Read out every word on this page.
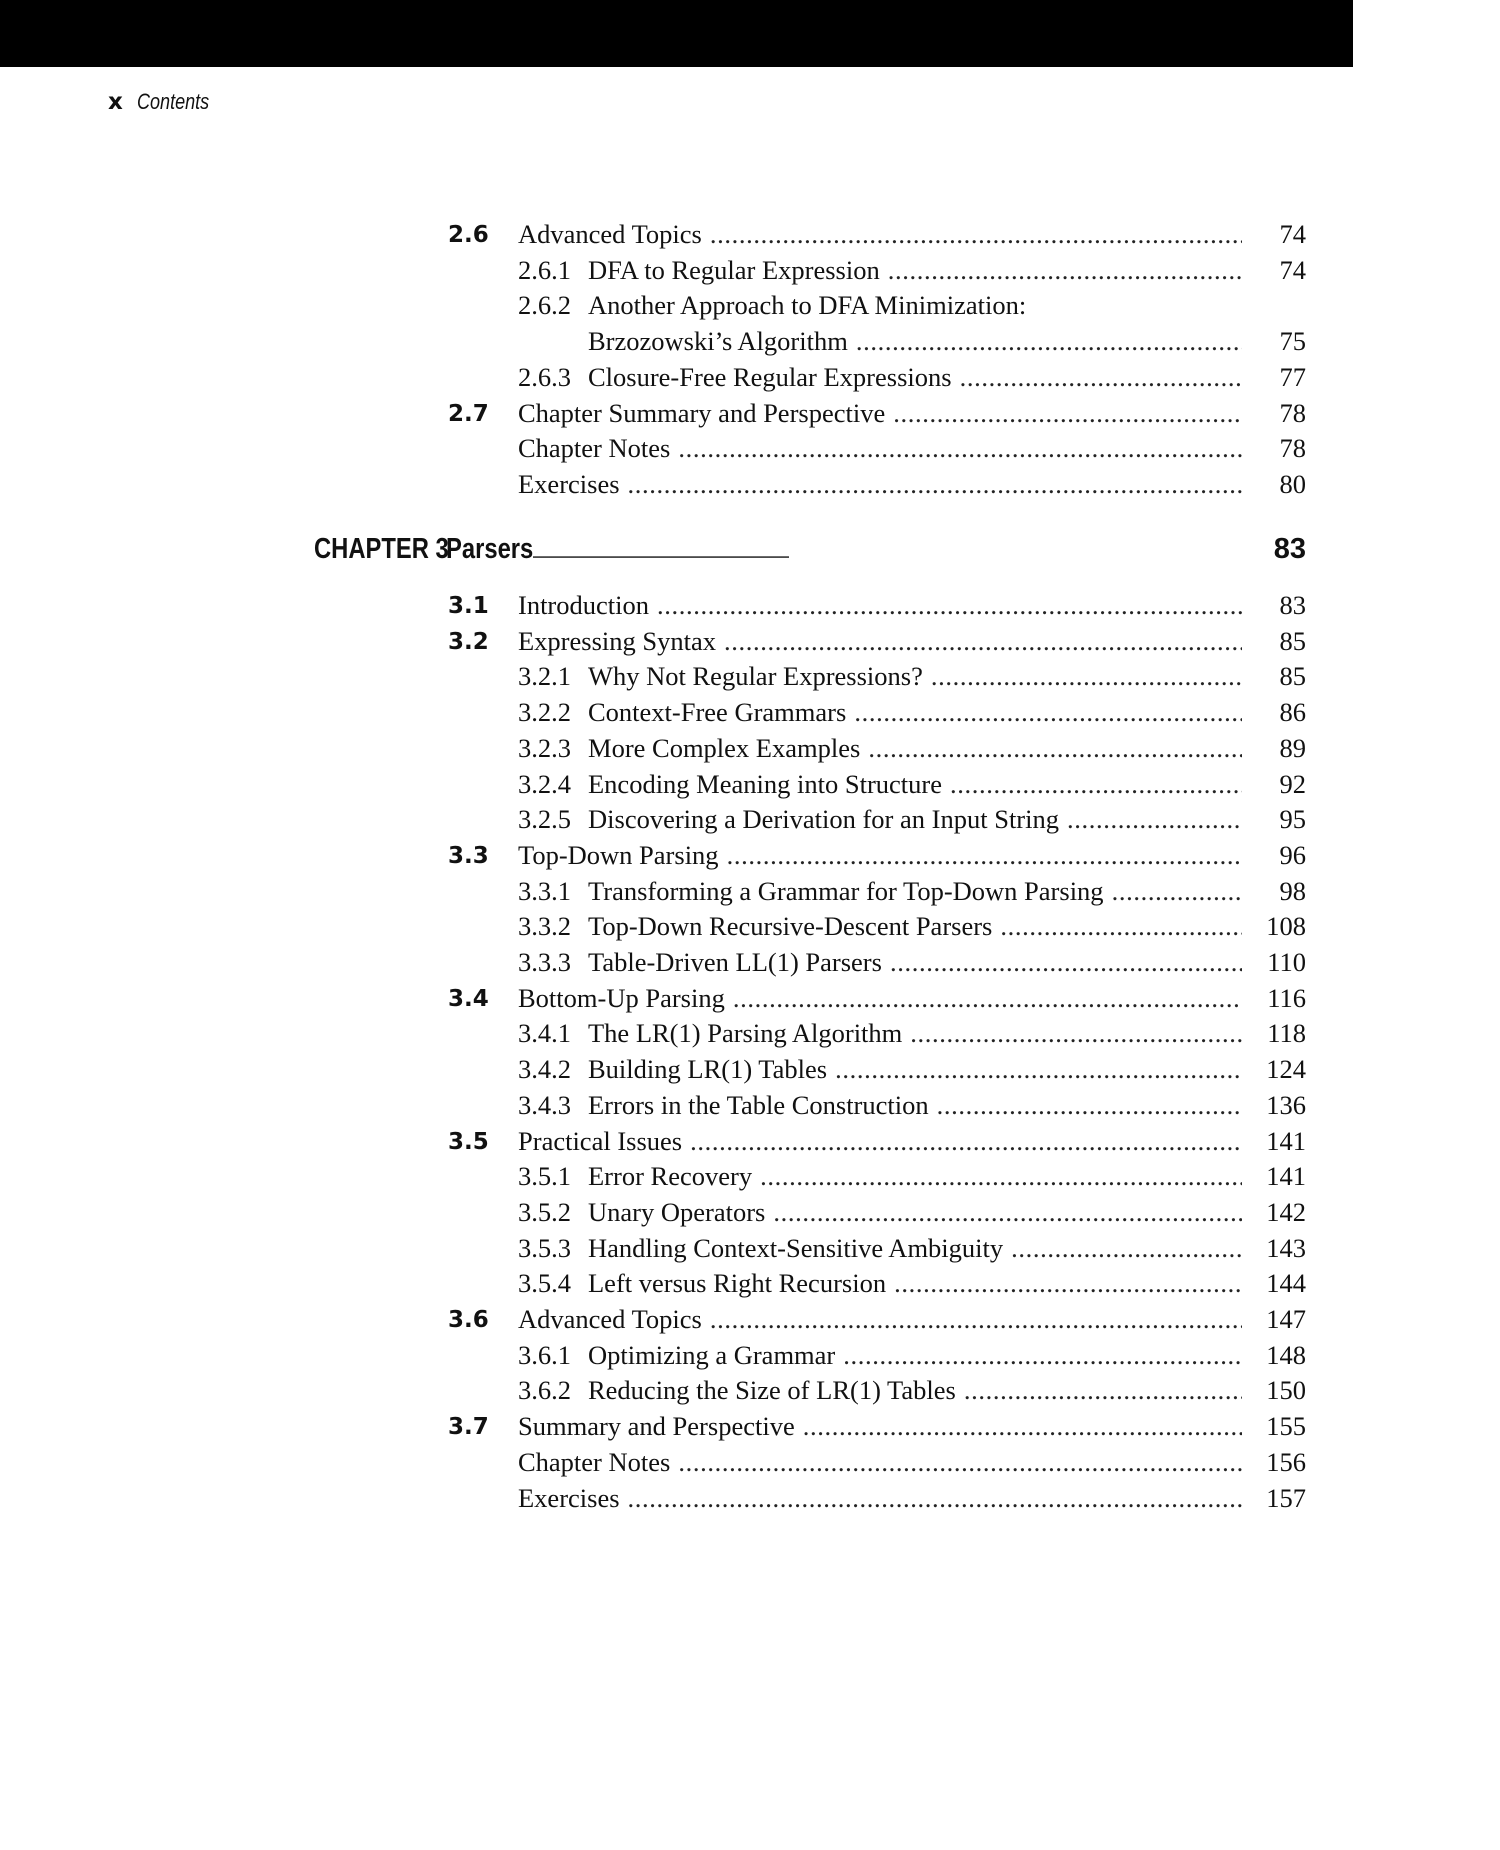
x Contents
CHAPTER 3
Parsers . . .	83
2.6	Advanced Topics . . .	74
2.6.1 DFA to Regular Expression . . .	74
2.6.2 Another Approach to DFA Minimization:
Brzozowski’s Algorithm . . .	75
2.6.3 Closure-Free Regular Expressions . . .	77
2.7	Chapter Summary and Perspective . . .	78
Chapter Notes . . .	78
Exercises . . .	80
3.1	Introduction . . .	83
3.2	Expressing Syntax . . .	85
3.2.1 Why Not Regular Expressions? . . .	85
3.2.2 Context-Free Grammars . . .	86
3.2.3 More Complex Examples . . .	89
3.2.4 Encoding Meaning into Structure . . .	92
3.2.5 Discovering a Derivation for an Input String . . .	95
3.3	Top-Down Parsing . . .	96
3.3.1 Transforming a Grammar for Top-Down Parsing . . .	98
3.3.2 Top-Down Recursive-Descent Parsers . . .	108
3.3.3 Table-Driven LL(1) Parsers . . .	110
3.4	Bottom-Up Parsing . . .	116
3.4.1 The LR(1) Parsing Algorithm . . .	118
3.4.2 Building LR(1) Tables . . .	124
3.4.3 Errors in the Table Construction . . .	136
3.5	Practical Issues . . .	141
3.5.1 Error Recovery . . .	141
3.5.2 Unary Operators . . .	142
3.5.3 Handling Context-Sensitive Ambiguity . . .	143
3.5.4 Left versus Right Recursion . . .	144
3.6	Advanced Topics . . .	147
3.6.1 Optimizing a Grammar . . .	148
3.6.2 Reducing the Size of LR(1) Tables . . .	150
3.7	Summary and Perspective . . .	155
Chapter Notes . . .	156
Exercises . . .	157
